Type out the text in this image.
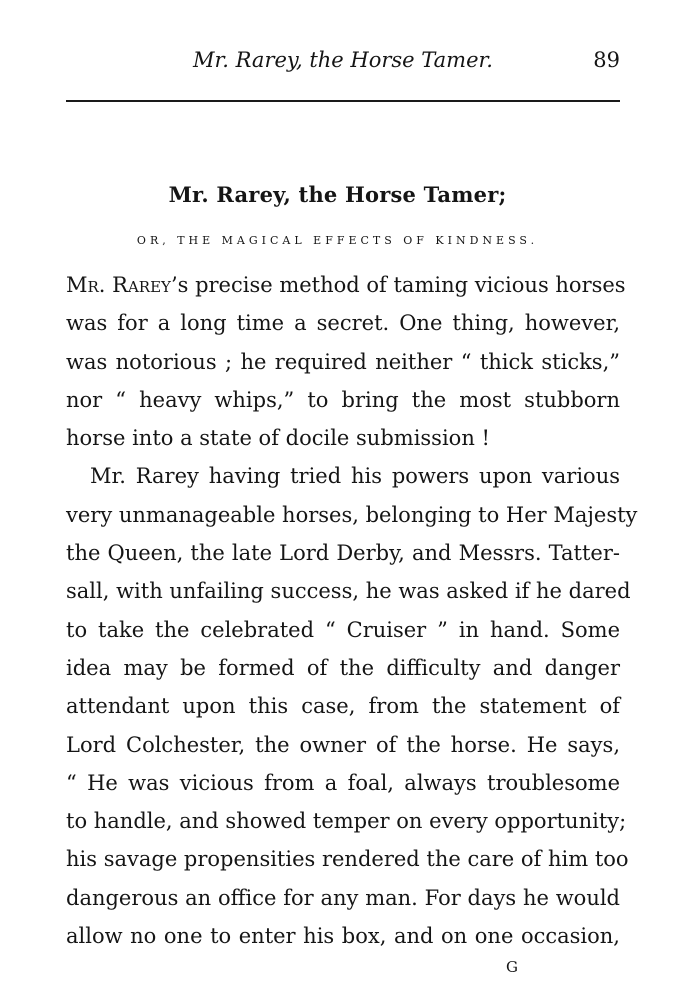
Mr. Rarey, the Horse Tamer.	89
Mr. Rarey, the Horse Tamer;
OR, THE MAGICAL EFFECTS OF KINDNESS.
Mr. Rarey’s precise method of taming vicious horses
was for a long time a secret. One thing, however,
was notorious ; he required neither “ thick sticks,”
nor “ heavy whips,” to bring the most stubborn
horse into a state of docile submission !
Mr. Rarey having tried his powers upon various
very unmanageable horses, belonging to Her Majesty
the Queen, the late Lord Derby, and Messrs. Tatter-
sall, with unfailing success, he was asked if he dared
to take the celebrated “ Cruiser ” in hand. Some
idea may be formed of the difficulty and danger
attendant upon this case, from the statement of
Lord Colchester, the owner of the horse. He says,
“ He was vicious from a foal, always troublesome
to handle, and showed temper on every opportunity;
his savage propensities rendered the care of him too
dangerous an office for any man. For days he would
allow no one to enter his box, and on one occasion,
G
